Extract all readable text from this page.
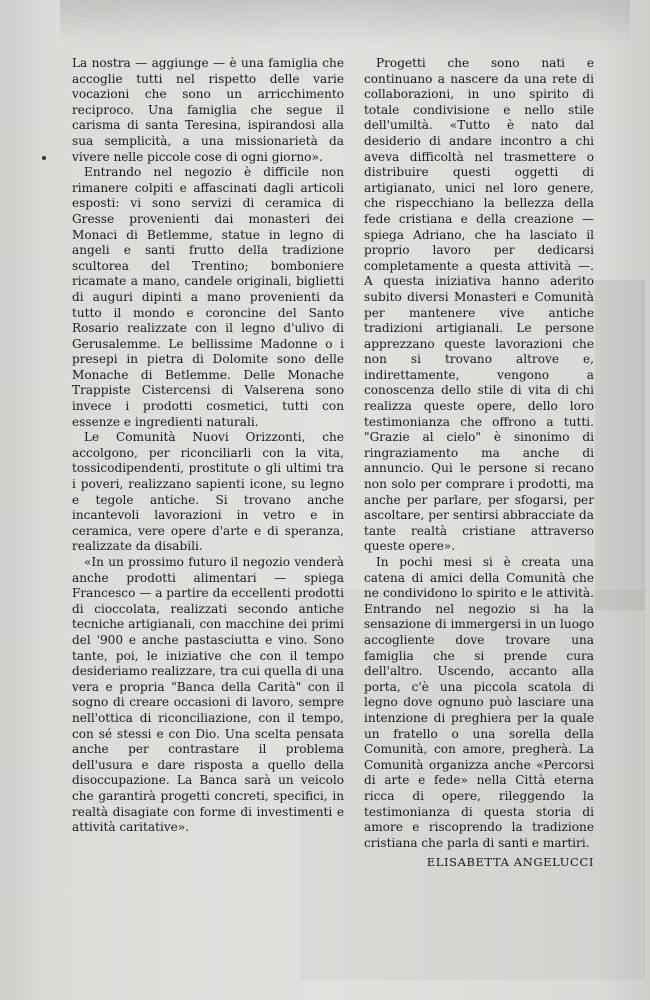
La nostra — aggiunge — è una famiglia che accoglie tutti nel rispetto delle varie vocazioni che sono un arricchimento reciproco. Una famiglia che segue il carisma di santa Teresina, ispirandosi alla sua semplicità, a una missionarietà da vivere nelle piccole cose di ogni giorno».

Entrando nel negozio è difficile non rimanere colpiti e affascinati dagli articoli esposti: vi sono servizi di ceramica di Gresse provenienti dai monasteri dei Monaci di Betlemme, statue in legno di angeli e santi frutto della tradizione scultorea del Trentino; bomboniere ricamate a mano, candele originali, biglietti di auguri dipinti a mano provenienti da tutto il mondo e coroncine del Santo Rosario realizzate con il legno d'ulivo di Gerusalemme. Le bellissime Madonne o i presepi in pietra di Dolomite sono delle Monache di Betlemme. Delle Monache Trappiste Cistercensi di Valserena sono invece i prodotti cosmetici, tutti con essenze e ingredienti naturali.

Le Comunità Nuovi Orizzonti, che accolgono, per riconciliarli con la vita, tossicodipendenti, prostitute o gli ultimi tra i poveri, realizzano sapienti icone, su legno e tegole antiche. Si trovano anche incantevoli lavorazioni in vetro e in ceramica, vere opere d'arte e di speranza, realizzate da disabili.

«In un prossimo futuro il negozio venderà anche prodotti alimentari — spiega Francesco — a partire da eccellenti prodotti di cioccolata, realizzati secondo antiche tecniche artigianali, con macchine dei primi del '900 e anche pastasciutta e vino. Sono tante, poi, le iniziative che con il tempo desideriamo realizzare, tra cui quella di una vera e propria "Banca della Carità" con il sogno di creare occasioni di lavoro, sempre nell'ottica di riconciliazione, con il tempo, con sé stessi e con Dio. Una scelta pensata anche per contrastare il problema dell'usura e dare risposta a quello della disoccupazione. La Banca sarà un veicolo che garantirà progetti concreti, specifici, in realtà disagiate con forme di investimenti e attività caritative».

Progetti che sono nati e continuano a nascere da una rete di collaborazioni, in uno spirito di totale condivisione e nello stile dell'umiltà. «Tutto è nato dal desiderio di andare incontro a chi aveva difficoltà nel trasmettere o distribuire questi oggetti di artigianato, unici nel loro genere, che rispecchiano la bellezza della fede cristiana e della creazione — spiega Adriano, che ha lasciato il proprio lavoro per dedicarsi completamente a questa attività —. A questa iniziativa hanno aderito subito diversi Monasteri e Comunità per mantenere vive antiche tradizioni artigianali. Le persone apprezzano queste lavorazioni che non si trovano altrove e, indirettamente, vengono a conoscenza dello stile di vita di chi realizza queste opere, dello loro testimonianza che offrono a tutti. "Grazie al cielo" è sinonimo di ringraziamento ma anche di annuncio. Qui le persone si recano non solo per comprare i prodotti, ma anche per parlare, per sfogarsi, per ascoltare, per sentirsi abbracciate da tante realtà cristiane attraverso queste opere».

In pochi mesi si è creata una catena di amici della Comunità che ne condividono lo spirito e le attività. Entrando nel negozio si ha la sensazione di immergersi in un luogo accogliente dove trovare una famiglia che si prende cura dell'altro. Uscendo, accanto alla porta, c'è una piccola scatola di legno dove ognuno può lasciare una intenzione di preghiera per la quale un fratello o una sorella della Comunità, con amore, pregherà. La Comunità organizza anche «Percorsi di arte e fede» nella Città eterna ricca di opere, rileggendo la testimonianza di questa storia di amore e riscoprendo la tradizione cristiana che parla di santi e martiri.

ELISABETTA ANGELUCCI
